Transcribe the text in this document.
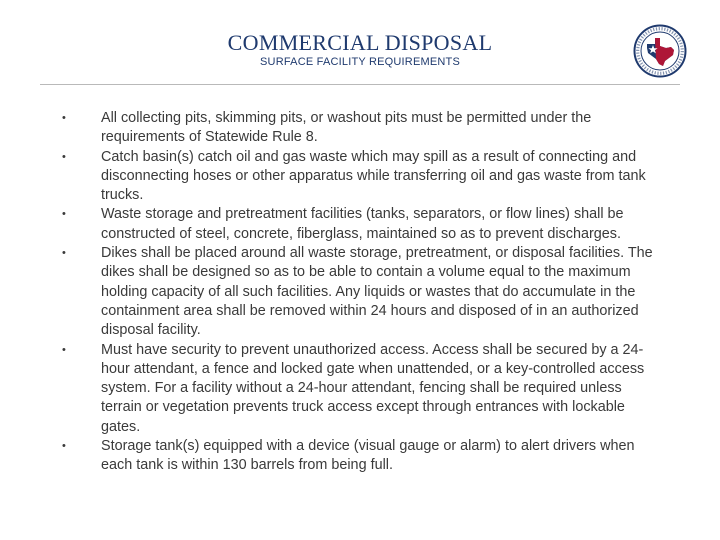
COMMERCIAL DISPOSAL
SURFACE FACILITY REQUIREMENTS
• All collecting pits, skimming pits, or washout pits must be permitted under the requirements of Statewide Rule 8.
• Catch basin(s) catch oil and gas waste which may spill as a result of connecting and disconnecting hoses or other apparatus while transferring oil and gas waste from tank trucks.
• Waste storage and pretreatment facilities (tanks, separators, or flow lines) shall be constructed of steel, concrete, fiberglass, maintained so as to prevent discharges.
• Dikes shall be placed around all waste storage, pretreatment, or disposal facilities. The dikes shall be designed so as to be able to contain a volume equal to the maximum holding capacity of all such facilities. Any liquids or wastes that do accumulate in the containment area shall be removed within 24 hours and disposed of in an authorized disposal facility.
• Must have security to prevent unauthorized access. Access shall be secured by a 24-hour attendant, a fence and locked gate when unattended, or a key-controlled access system. For a facility without a 24-hour attendant, fencing shall be required unless terrain or vegetation prevents truck access except through entrances with lockable gates.
• Storage tank(s) equipped with a device (visual gauge or alarm) to alert drivers when each tank is within 130 barrels from being full.
